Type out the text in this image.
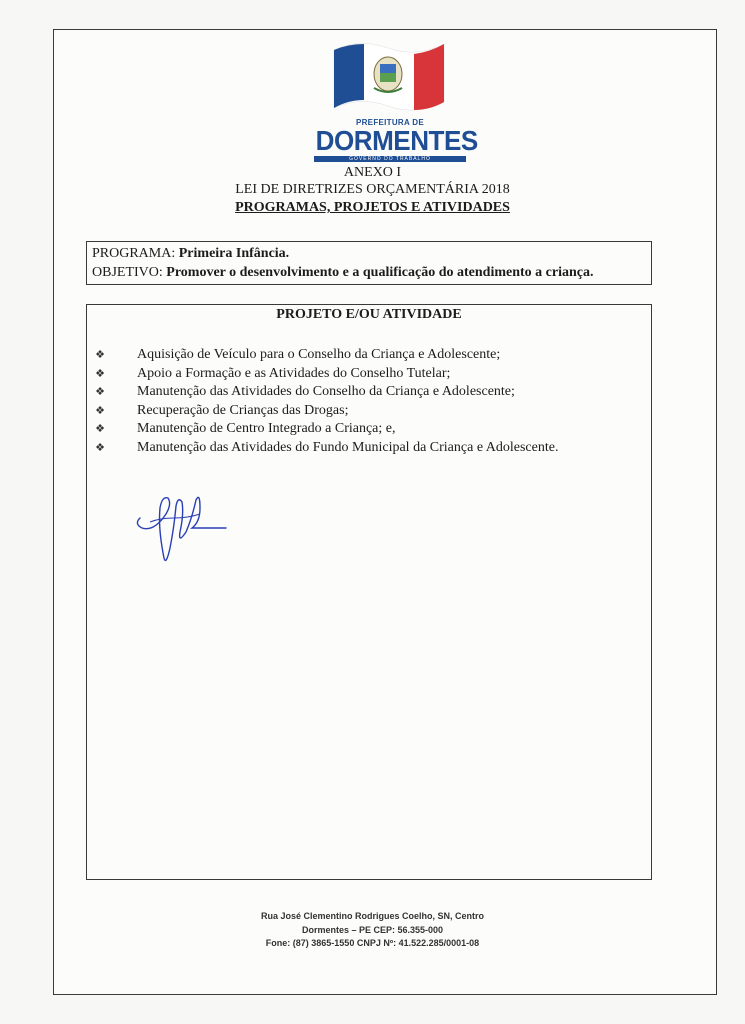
PREFEITURA DE
DORMENTES
GOVERNO DO TRABALHO
ANEXO I
LEI DE DIRETRIZES ORÇAMENTÁRIA 2018
PROGRAMAS, PROJETOS E ATIVIDADES
PROGRAMA: Primeira Infância.
OBJETIVO: Promover o desenvolvimento e a qualificação do atendimento a criança.
PROJETO E/OU ATIVIDADE
❖ Aquisição de Veículo para o Conselho da Criança e Adolescente;
❖ Apoio a Formação e as Atividades do Conselho Tutelar;
❖ Manutenção das Atividades do Conselho da Criança e Adolescente;
❖ Recuperação de Crianças das Drogas;
❖ Manutenção de Centro Integrado a Criança; e,
❖ Manutenção das Atividades do Fundo Municipal da Criança e Adolescente.
Rua José Clementino Rodrigues Coelho, SN, Centro
Dormentes – PE CEP: 56.355-000
Fone: (87) 3865-1550 CNPJ Nº: 41.522.285/0001-08
